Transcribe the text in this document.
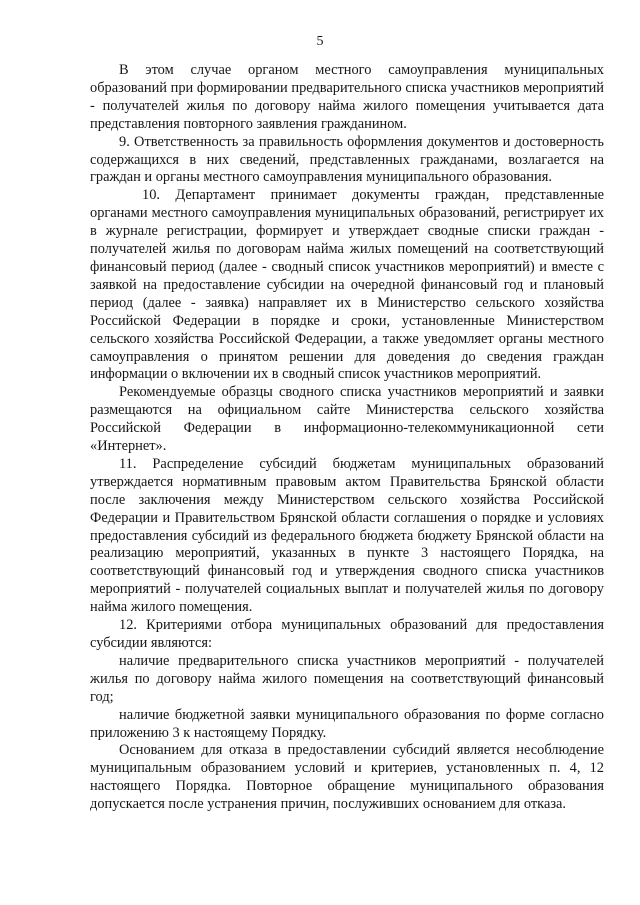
5

В этом случае органом местного самоуправления муниципальных образований при формировании предварительного списка участников мероприятий - получателей жилья по договору найма жилого помещения учитывается дата представления повторного заявления гражданином.

9. Ответственность за правильность оформления документов и достоверность содержащихся в них сведений, представленных гражданами, возлагается на граждан и органы местного самоуправления муниципального образования.

10. Департамент принимает документы граждан, представленные органами местного самоуправления муниципальных образований, регистрирует их в журнале регистрации, формирует и утверждает сводные списки граждан - получателей жилья по договорам найма жилых помещений на соответствующий финансовый период (далее - сводный список участников мероприятий) и вместе с заявкой на предоставление субсидии на очередной финансовый год и плановый период (далее - заявка) направляет их в Министерство сельского хозяйства Российской Федерации в порядке и сроки, установленные Министерством сельского хозяйства Российской Федерации, а также уведомляет органы местного самоуправления о принятом решении для доведения до сведения граждан информации о включении их в сводный список участников мероприятий.

Рекомендуемые образцы сводного списка участников мероприятий и заявки размещаются на официальном сайте Министерства сельского хозяйства Российской Федерации в информационно-телекоммуникационной сети «Интернет».

11. Распределение субсидий бюджетам муниципальных образований утверждается нормативным правовым актом Правительства Брянской области после заключения между Министерством сельского хозяйства Российской Федерации и Правительством Брянской области соглашения о порядке и условиях предоставления субсидий из федерального бюджета бюджету Брянской области на реализацию мероприятий, указанных в пункте 3 настоящего Порядка, на соответствующий финансовый год и утверждения сводного списка участников мероприятий - получателей социальных выплат и получателей жилья по договору найма жилого помещения.

12. Критериями отбора муниципальных образований для предоставления субсидии являются:

наличие предварительного списка участников мероприятий - получателей жилья по договору найма жилого помещения на соответствующий финансовый год;

наличие бюджетной заявки муниципального образования по форме согласно приложению 3 к настоящему Порядку.

Основанием для отказа в предоставлении субсидий является несоблюдение муниципальным образованием условий и критериев, установленных п. 4, 12 настоящего Порядка. Повторное обращение муниципального образования допускается после устранения причин, послуживших основанием для отказа.
